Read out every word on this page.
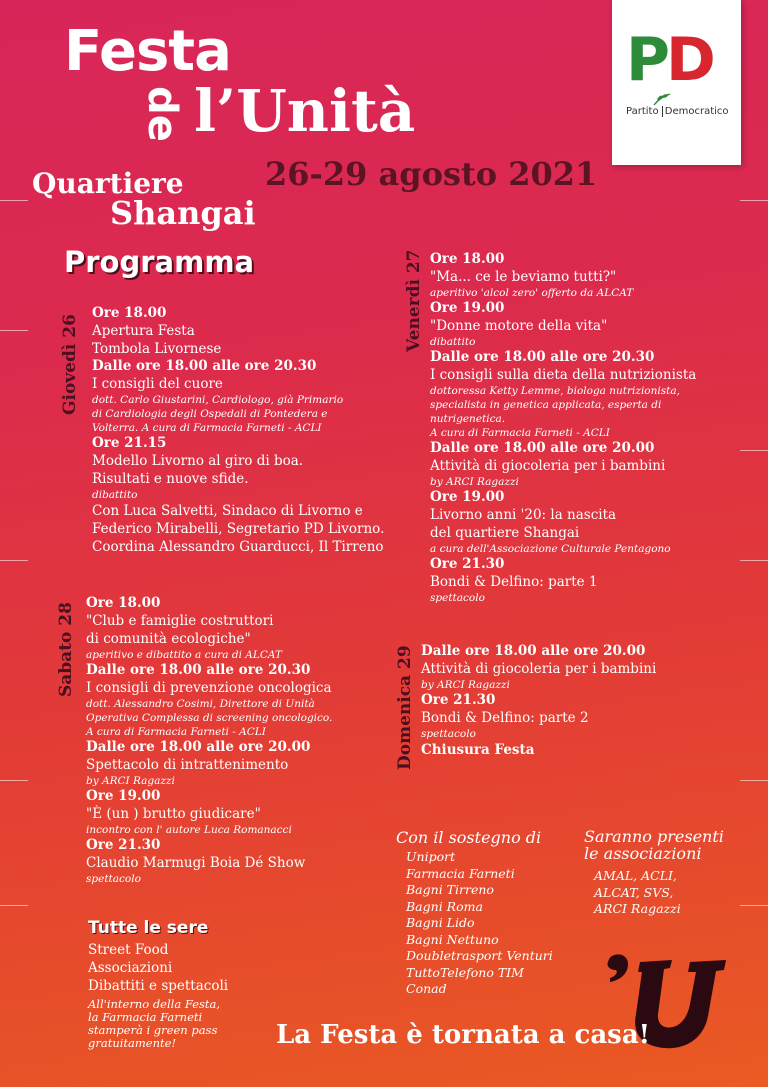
Festa
de l’Unità
26-29 agosto 2021
Quartiere
Shangai
Programma
PD
Partito Democratico
Giovedì 26
Sabato 28
Venerdì 27
Domenica 29
Ore 18.00
Apertura Festa
Tombola Livornese
Dalle ore 18.00 alle ore 20.30
I consigli del cuore
dott. Carlo Giustarini, Cardiologo, già Primario
di Cardiologia degli Ospedali di Pontedera e
Volterra. A cura di Farmacia Farneti - ACLI
Ore 21.15
Modello Livorno al giro di boa.
Risultati e nuove sfide.
dibattito
Con Luca Salvetti, Sindaco di Livorno e
Federico Mirabelli, Segretario PD Livorno.
Coordina Alessandro Guarducci, Il Tirreno
Ore 18.00
"Club e famiglie costruttori
di comunità ecologiche"
aperitivo e dibattito a cura di ALCAT
Dalle ore 18.00 alle ore 20.30
I consigli di prevenzione oncologica
dott. Alessandro Cosimi, Direttore di Unità
Operativa Complessa di screening oncologico.
A cura di Farmacia Farneti - ACLI
Dalle ore 18.00 alle ore 20.00
Spettacolo di intrattenimento
by ARCI Ragazzi
Ore 19.00
"È (un ) brutto giudicare"
incontro con l' autore Luca Romanacci
Ore 21.30
Claudio Marmugi Boia Dé Show
spettacolo
Ore 18.00
"Ma... ce le beviamo tutti?"
aperitivo 'alcol zero' offerto da ALCAT
Ore 19.00
"Donne motore della vita"
dibattito
Dalle ore 18.00 alle ore 20.30
I consigli sulla dieta della nutrizionista
dottoressa Ketty Lemme, biologa nutrizionista,
specialista in genetica applicata, esperta di
nutrigenetica.
A cura di Farmacia Farneti - ACLI
Dalle ore 18.00 alle ore 20.00
Attività di giocoleria per i bambini
by ARCI Ragazzi
Ore 19.00
Livorno anni '20: la nascita
del quartiere Shangai
a cura dell'Associazione Culturale Pentagono
Ore 21.30
Bondi & Delfino: parte 1
spettacolo
Dalle ore 18.00 alle ore 20.00
Attività di giocoleria per i bambini
by ARCI Ragazzi
Ore 21.30
Bondi & Delfino: parte 2
spettacolo
Chiusura Festa
Tutte le sere
Street Food
Associazioni
Dibattiti e spettacoli
All'interno della Festa,
la Farmacia Farneti
stamperà i green pass
gratuitamente!
Con il sostegno di
Uniport
Farmacia Farneti
Bagni Tirreno
Bagni Roma
Bagni Lido
Bagni Nettuno
Doubletrasport Venturi
TuttoTelefono TIM
Conad
Saranno presenti
le associazioni
AMAL, ACLI,
ALCAT, SVS,
ARCI Ragazzi
La Festa è tornata a casa!
